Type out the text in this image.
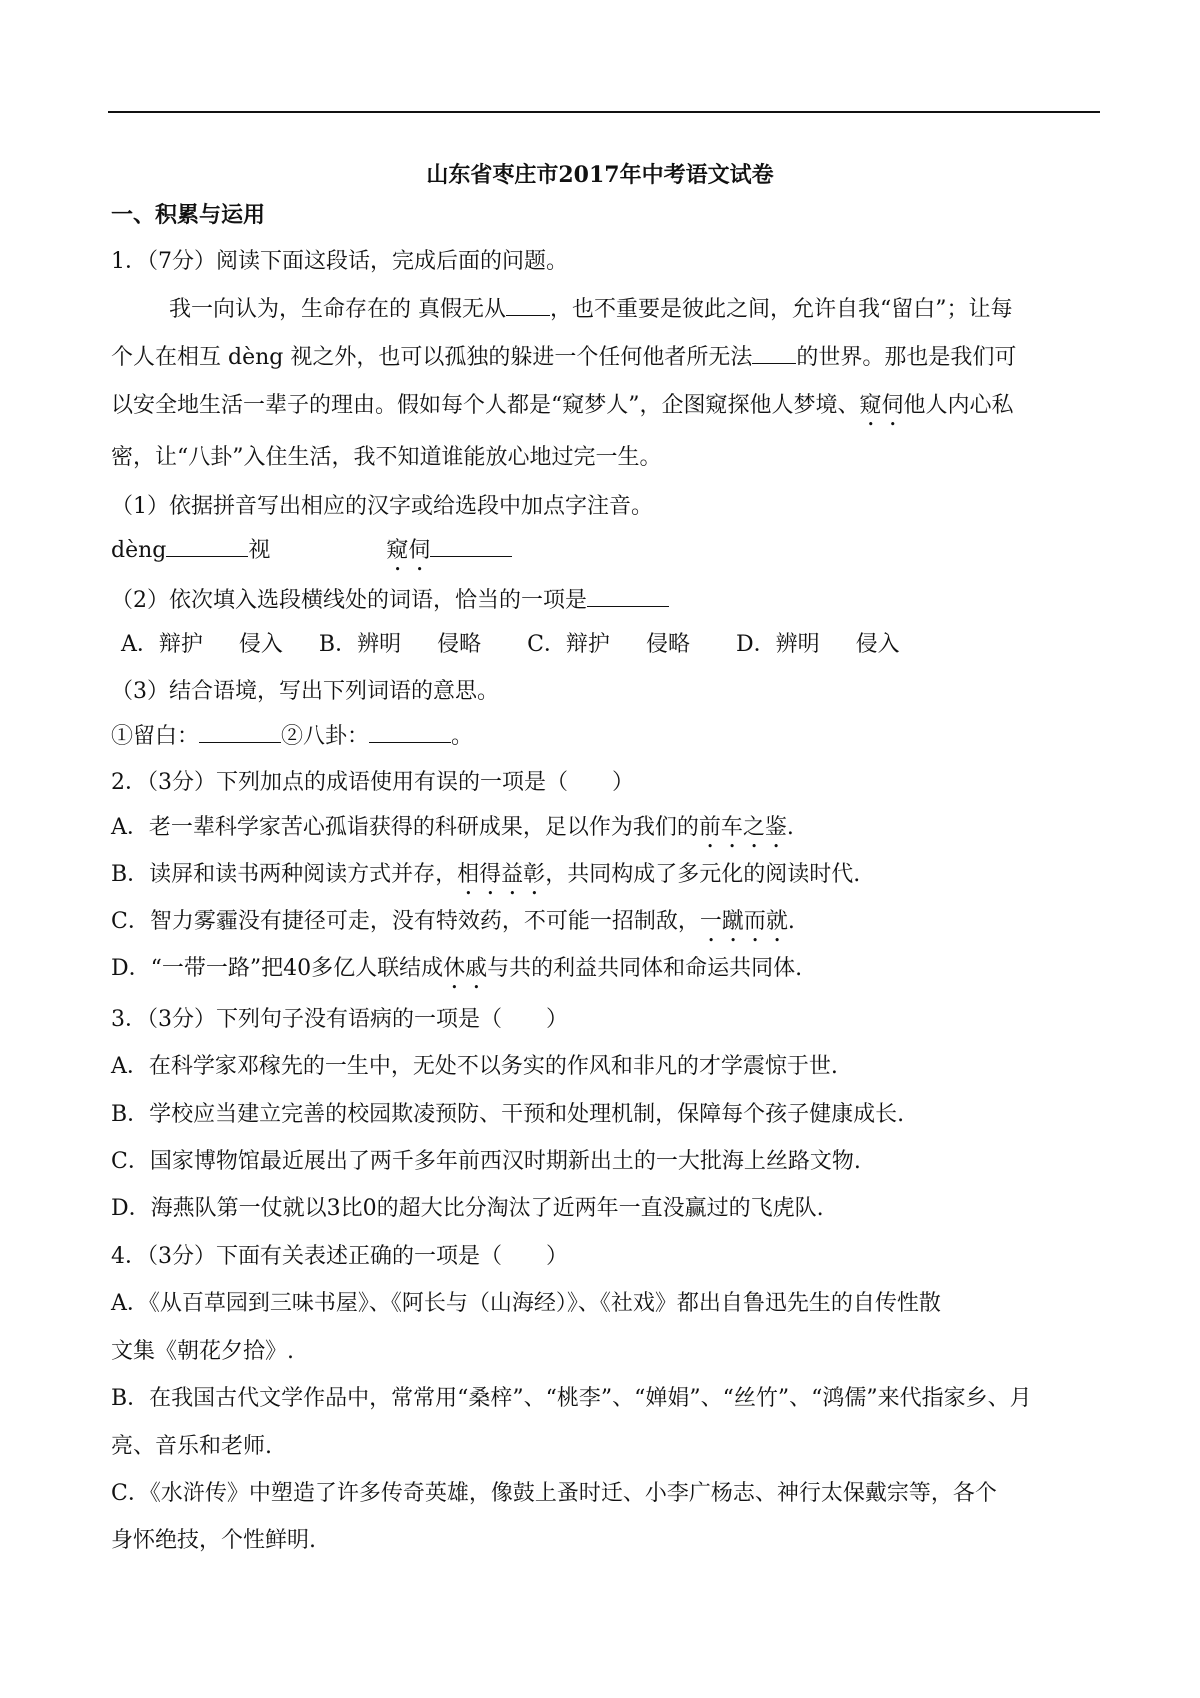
山东省枣庄市2017年中考语文试卷
一、积累与运用
1．（7分）阅读下面这段话，完成后面的问题。
我一向认为，生命存在的 真假无从 ，也不重要是彼此之间，允许自我“留白”；让每
个人在相互 dèng 视之外，也可以孤独的躲进一个任何他者所无法 的世界。那也是我们可
以安全地生活一辈子的理由。假如每个人都是“窥梦人”，企图窥探他人梦境、窥伺他人内心私
密，让“八卦”入住生活，我不知道谁能放心地过完一生。
（1）依据拼音写出相应的汉字或给选段中加点字注音。
dèng	视	窥伺
（2）依次填入选段横线处的词语，恰当的一项是
A．辩护 侵入 B．辨明 侵略 C．辩护 侵略 D．辨明 侵入
（3）结合语境，写出下列词语的意思。
①留白：	②八卦：	。
2．（3分）下列加点的成语使用有误的一项是（　　）
A．老一辈科学家苦心孤诣获得的科研成果，足以作为我们的前车之鉴.
B．读屏和读书两种阅读方式并存，相得益彰，共同构成了多元化的阅读时代.
C．智力雾霾没有捷径可走，没有特效药，不可能一招制敌，一蹴而就.
D．“一带一路”把40多亿人联结成休戚与共的利益共同体和命运共同体.
3．（3分）下列句子没有语病的一项是（　　）
A．在科学家邓稼先的一生中，无处不以务实的作风和非凡的才学震惊于世.
B．学校应当建立完善的校园欺凌预防、干预和处理机制，保障每个孩子健康成长.
C．国家博物馆最近展出了两千多年前西汉时期新出土的一大批海上丝路文物.
D．海燕队第一仗就以3比0的超大比分淘汰了近两年一直没赢过的飞虎队.
4．（3分）下面有关表述正确的一项是（　　）
A．《从百草园到三味书屋》、《阿长与（山海经）》、《社戏》都出自鲁迅先生的自传性散
文集《朝花夕拾》.
B．在我国古代文学作品中，常常用“桑梓”、“桃李”、“婵娟”、“丝竹”、“鸿儒”来代指家乡、月
亮、音乐和老师.
C．《水浒传》中塑造了许多传奇英雄，像鼓上蚤时迁、小李广杨志、神行太保戴宗等，各个
身怀绝技，个性鲜明.
